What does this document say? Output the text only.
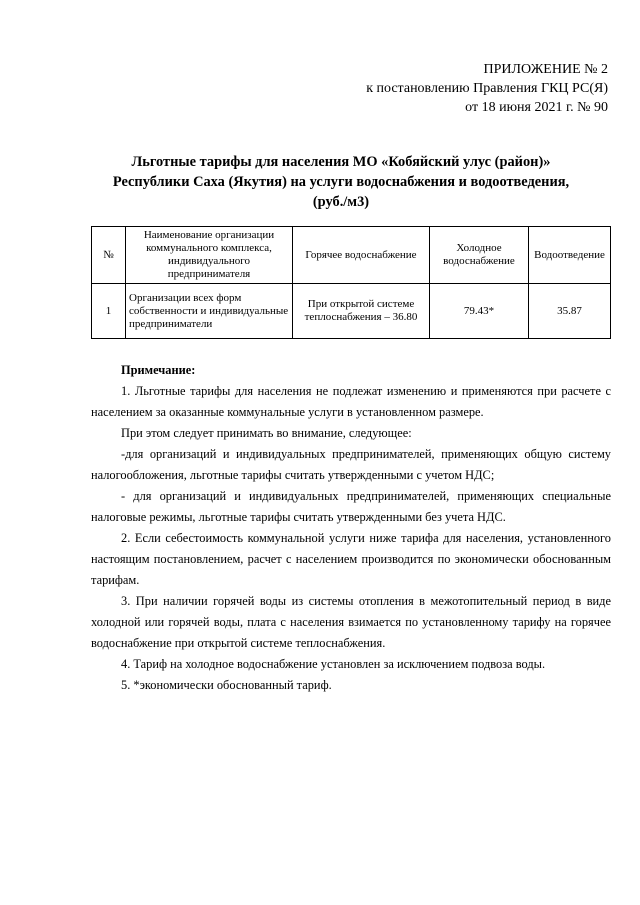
ПРИЛОЖЕНИЕ № 2
к постановлению Правления ГКЦ РС(Я)
от 18 июня 2021 г. № 90
Льготные тарифы для населения МО «Кобяйский улус (район)»
Республики Саха (Якутия) на услуги водоснабжения и водоотведения,
(руб./м3)
№	Наименование организации коммунального комплекса, индивидуального предпринимателя	Горячее водоснабжение	Холодное водоснабжение	Водоотведение
1	Организации всех форм собственности и индивидуальные предприниматели	При открытой системе теплоснабжения – 36.80	79.43*	35.87

Примечание:

1. Льготные тарифы для населения не подлежат изменению и применяются при расчете с населением за оказанные коммунальные услуги в установленном размере.

При этом следует принимать во внимание, следующее:

-для организаций и индивидуальных предпринимателей, применяющих общую систему налогообложения, льготные тарифы считать утвержденными с учетом НДС;

- для организаций и индивидуальных предпринимателей, применяющих специальные налоговые режимы, льготные тарифы считать утвержденными без учета НДС.

2. Если себестоимость коммунальной услуги ниже тарифа для населения, установленного настоящим постановлением, расчет с населением производится по экономически обоснованным тарифам.

3. При наличии горячей воды из системы отопления в межотопительный период в виде холодной или горячей воды, плата с населения взимается по установленному тарифу на горячее водоснабжение при открытой системе теплоснабжения.

4. Тариф на холодное водоснабжение установлен за исключением подвоза воды.

5. *экономически обоснованный тариф.
